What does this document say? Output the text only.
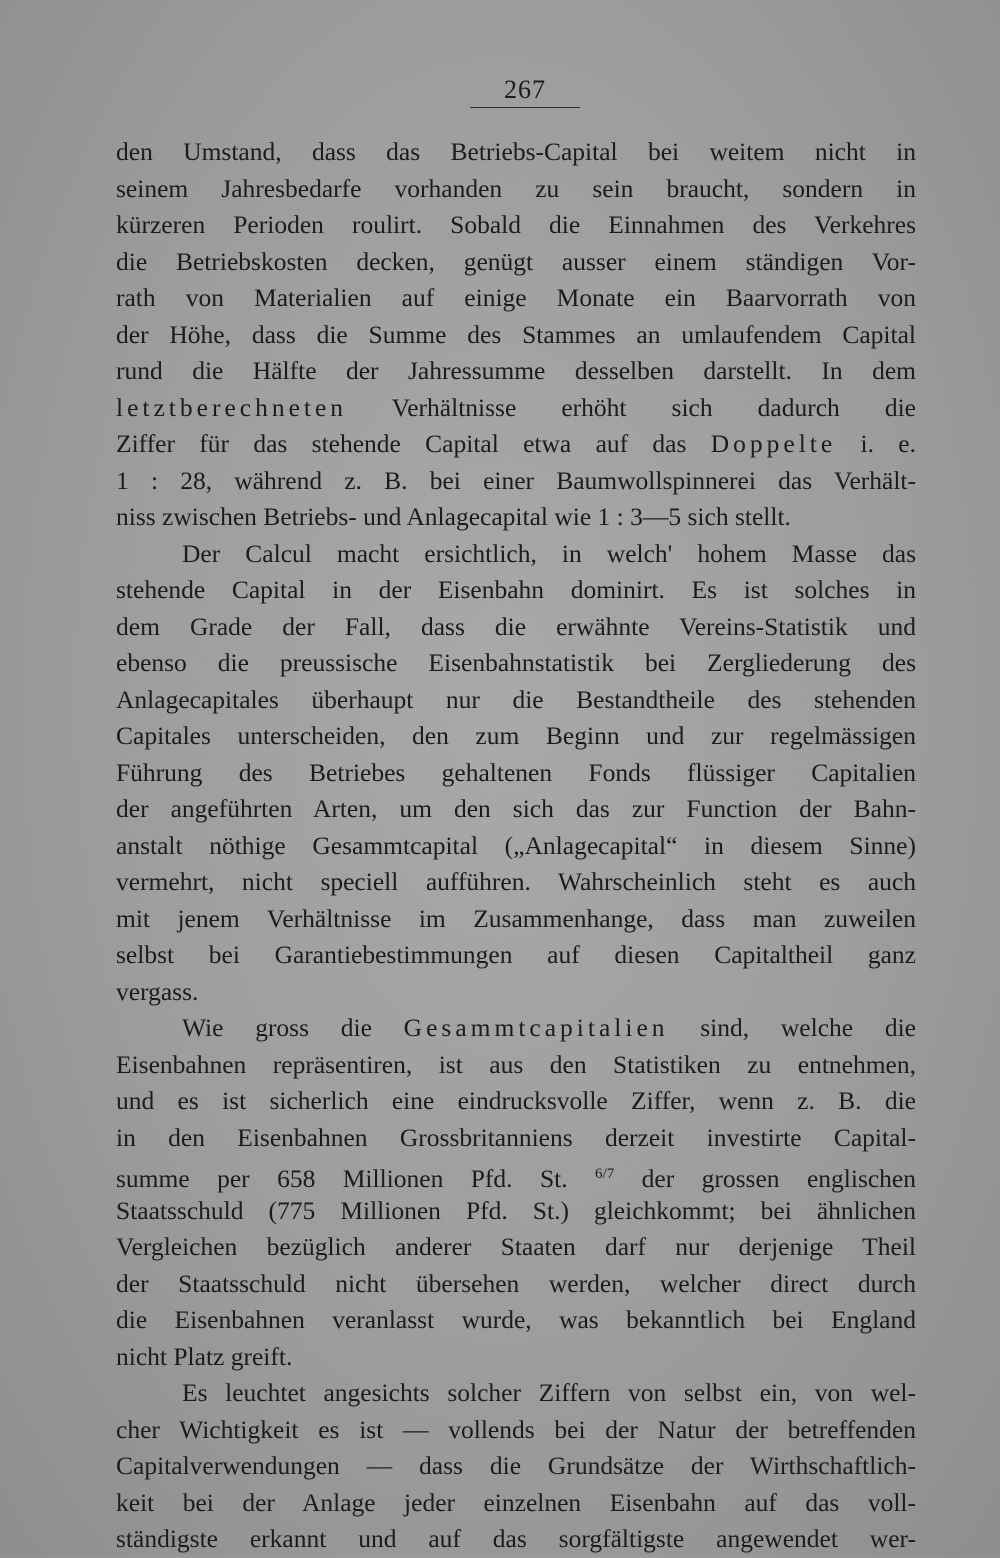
267
den Umstand, dass das Betriebs-Capital bei weitem nicht in
seinem Jahresbedarfe vorhanden zu sein braucht, sondern in
kürzeren Perioden roulirt. Sobald die Einnahmen des Verkehres
die Betriebskosten decken, genügt ausser einem ständigen Vor-
rath von Materialien auf einige Monate ein Baarvorrath von
der Höhe, dass die Summe des Stammes an umlaufendem Capital
rund die Hälfte der Jahressumme desselben darstellt. In dem
letztberechneten Verhältnisse erhöht sich dadurch die
Ziffer für das stehende Capital etwa auf das Doppelte i. e.
1 : 28, während z. B. bei einer Baumwollspinnerei das Verhält-
niss zwischen Betriebs- und Anlagecapital wie 1 : 3—5 sich stellt.
Der Calcul macht ersichtlich, in welch' hohem Masse das
stehende Capital in der Eisenbahn dominirt. Es ist solches in
dem Grade der Fall, dass die erwähnte Vereins-Statistik und
ebenso die preussische Eisenbahnstatistik bei Zergliederung des
Anlagecapitales überhaupt nur die Bestandtheile des stehenden
Capitales unterscheiden, den zum Beginn und zur regelmässigen
Führung des Betriebes gehaltenen Fonds flüssiger Capitalien
der angeführten Arten, um den sich das zur Function der Bahn-
anstalt nöthige Gesammtcapital („Anlagecapital“ in diesem Sinne)
vermehrt, nicht speciell aufführen. Wahrscheinlich steht es auch
mit jenem Verhältnisse im Zusammenhange, dass man zuweilen
selbst bei Garantiebestimmungen auf diesen Capitaltheil ganz
vergass.
Wie gross die Gesammtcapitalien sind, welche die
Eisenbahnen repräsentiren, ist aus den Statistiken zu entnehmen,
und es ist sicherlich eine eindrucksvolle Ziffer, wenn z. B. die
in den Eisenbahnen Grossbritanniens derzeit investirte Capital-
summe per 658 Millionen Pfd. St. $^{6/7}$ der grossen englischen
Staatsschuld (775 Millionen Pfd. St.) gleichkommt; bei ähnlichen
Vergleichen bezüglich anderer Staaten darf nur derjenige Theil
der Staatsschuld nicht übersehen werden, welcher direct durch
die Eisenbahnen veranlasst wurde, was bekanntlich bei England
nicht Platz greift.
Es leuchtet angesichts solcher Ziffern von selbst ein, von wel-
cher Wichtigkeit es ist — vollends bei der Natur der betreffenden
Capitalverwendungen — dass die Grundsätze der Wirthschaftlich-
keit bei der Anlage jeder einzelnen Eisenbahn auf das voll-
ständigste erkannt und auf das sorgfältigste angewendet wer-
